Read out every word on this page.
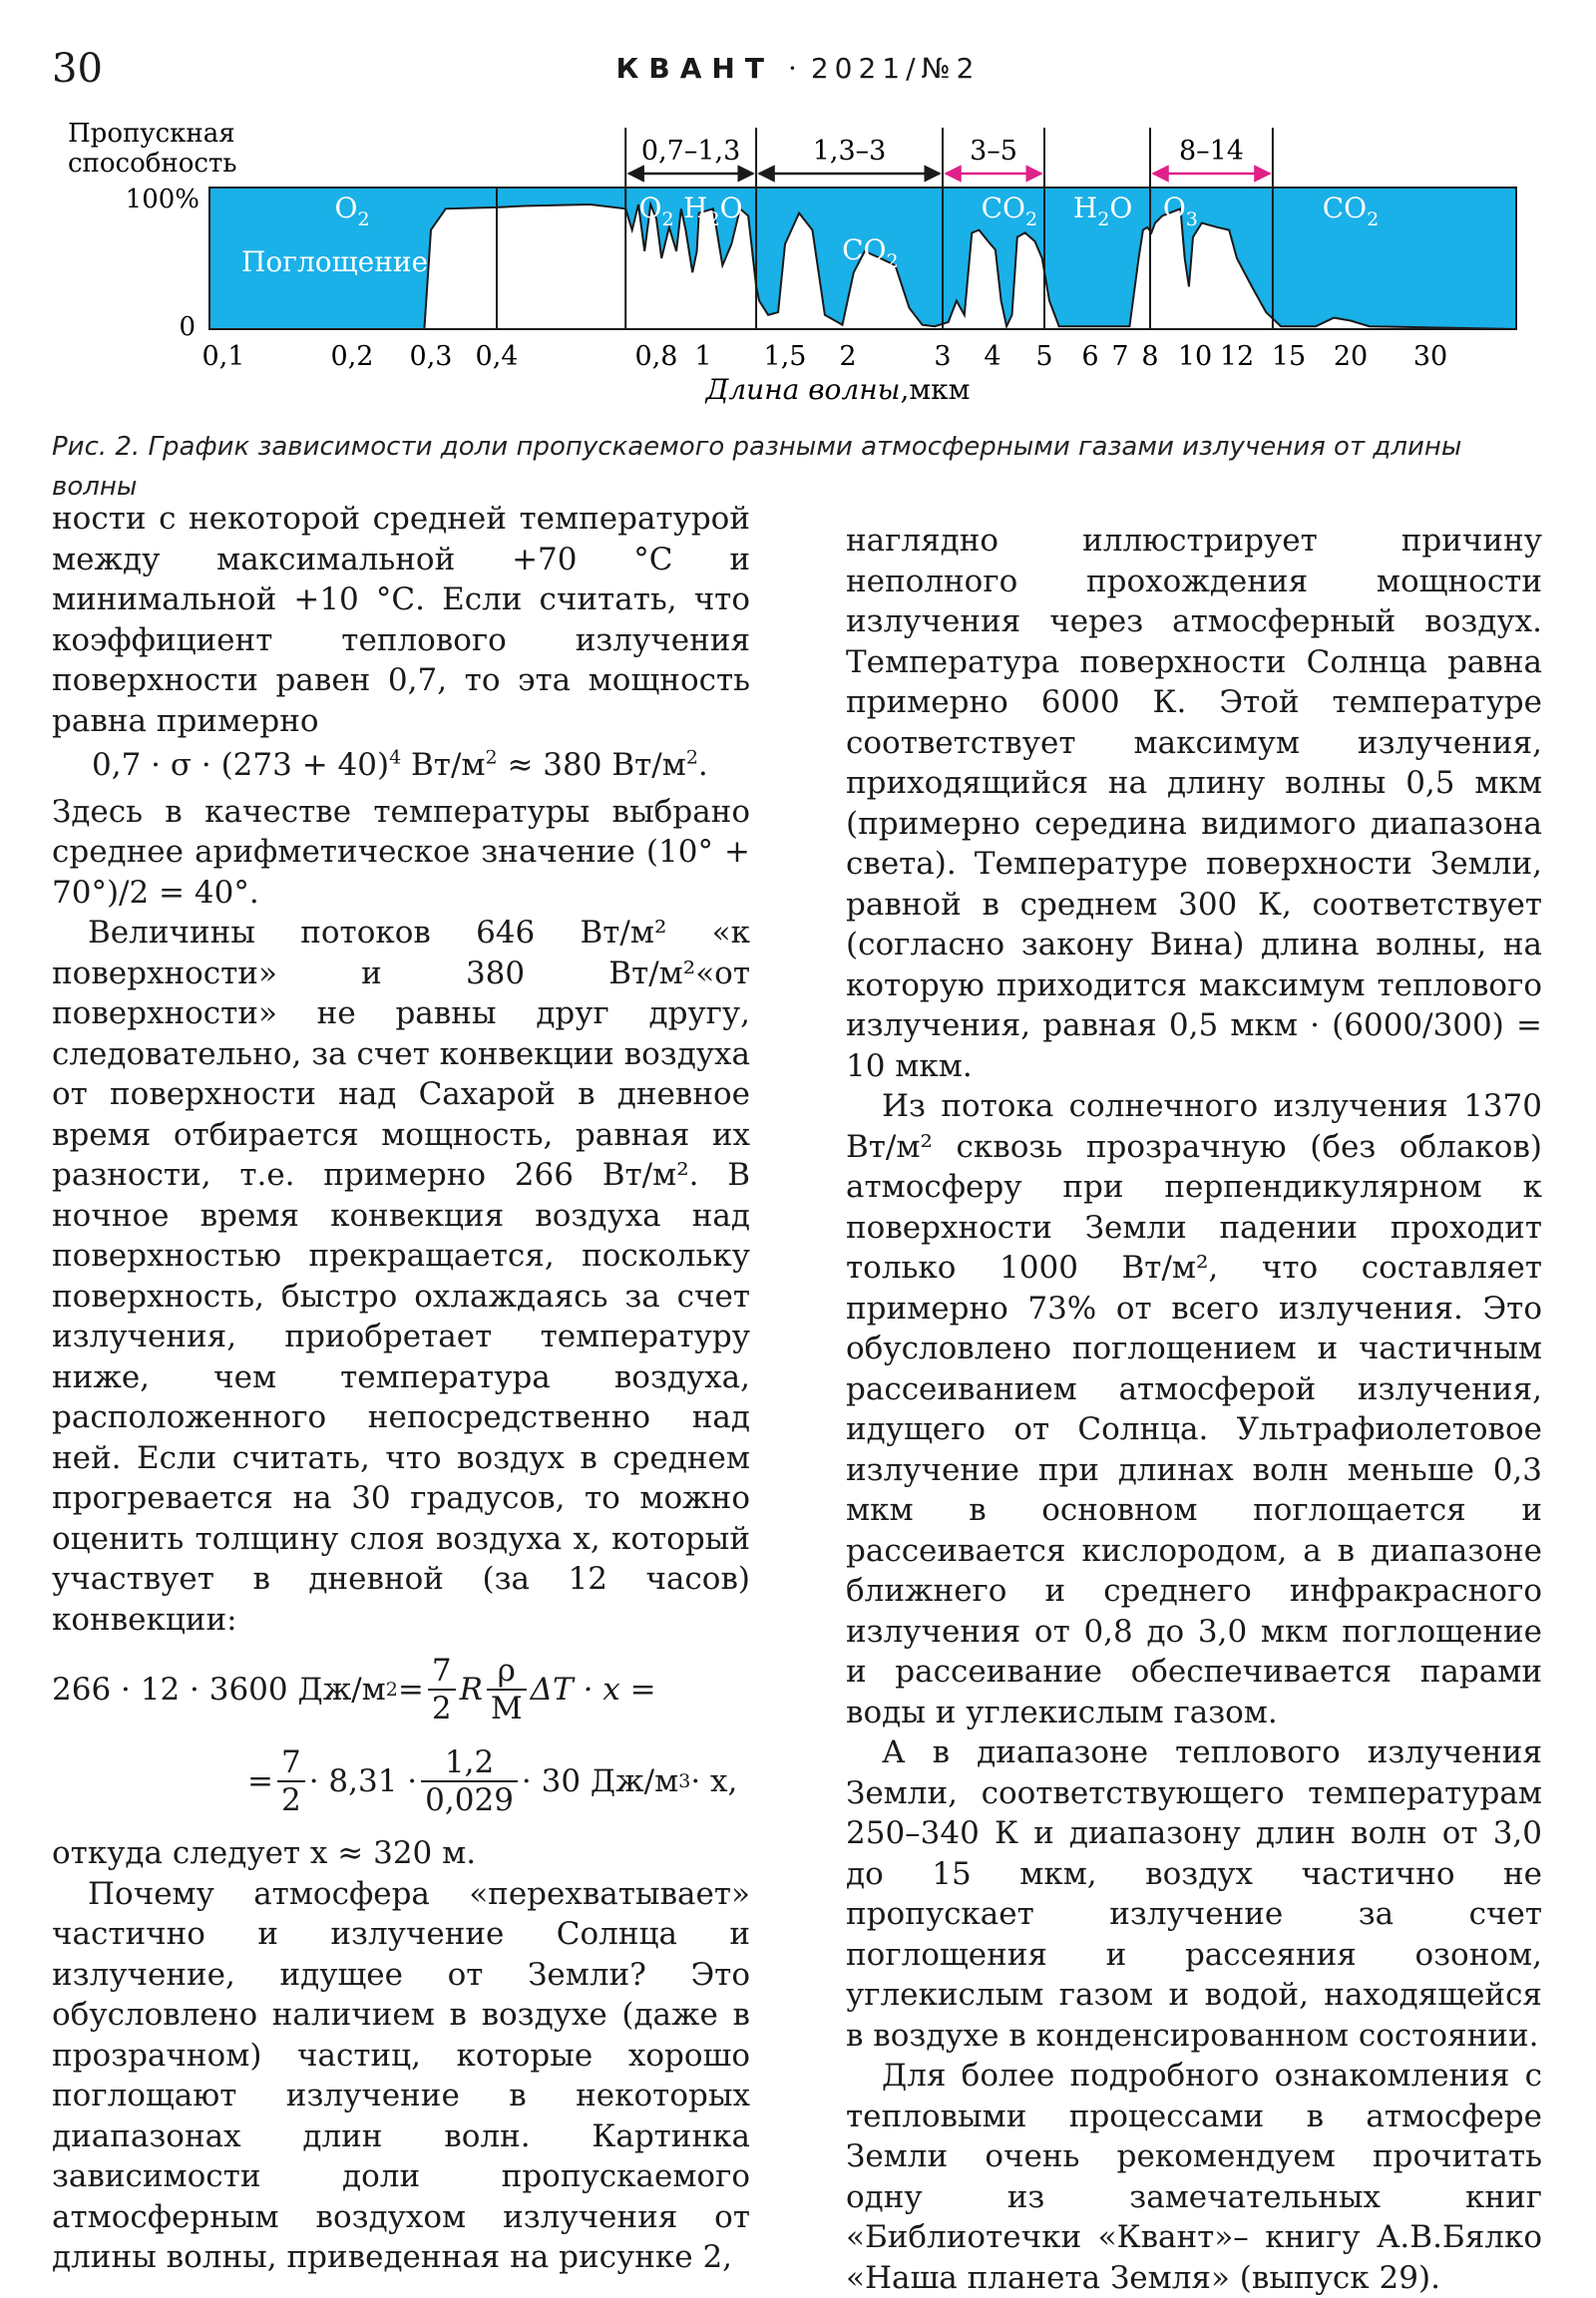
30	КВАНТ · 2021/№2
Пропускная
способность
100%
0
0,7–1,3	1,3–3	3–5	8–14
$O_2$	$O_2$ $H_2O$
$CO_2$
$CO_2$ $H_2O$ $O_3$	$CO_2$
Поглощение
0,1	0,2 0,3 0,4	0,8 1 1,5 2	3 4 5 6 7 8 10 12 15 20 30
Длина волны,мкм
Рис. 2. График зависимости доли пропускаемого разными атмосферными газами излучения от длины волны

ности с некоторой средней температурой между максимальной +70 °С и минимальной +10 °С. Если считать, что коэффициент теплового излучения поверхности равен 0,7, то эта мощность равна примерно

$0,7 \cdot \sigma \cdot (273 + 40)^4$ $Вт/м^2 \approx 380$ $Вт/м^2$.

Здесь в качестве температуры выбрано среднее арифметическое значение (10° + 70°)/2 = 40°.

Величины потоков 646 Вт/м² «к поверхности» и 380 Вт/м²«от поверхности» не равны друг другу, следовательно, за счет конвекции воздуха от поверхности над Сахарой в дневное время отбирается мощность, равная их разности, т.е. примерно 266 Вт/м². В ночное время конвекция воздуха над поверхностью прекращается, поскольку поверхность, быстро охлаждаясь за счет излучения, приобретает температуру ниже, чем температура воздуха, расположенного непосредственно над ней. Если считать, что воздух в среднем прогревается на 30 градусов, то можно оценить толщину слоя воздуха x, который участвует в дневной (за 12 часов) конвекции:

266 · 12 · 3600 Дж/м $2 = \frac{7}{2}$ R $\frac{\rho}{M}$ ΔT · x =
= $\frac{7}{2} \cdot 8,31 \cdot \frac{1,2}{0,029} \cdot 30$ Дж/м 3 · x,

откуда следует x ≈ 320 м.

Почему атмосфера «перехватывает» частично и излучение Солнца и излучение, идущее от Земли? Это обусловлено наличием в воздухе (даже в прозрачном) частиц, которые хорошо поглощают излучение в некоторых диапазонах длин волн. Картинка зависимости доли пропускаемого атмосферным воздухом излучения от длины волны, приведенная на рисунке 2,

наглядно иллюстрирует причину неполного прохождения мощности излучения через атмосферный воздух. Температура поверхности Солнца равна примерно 6000 К. Этой температуре соответствует максимум излучения, приходящийся на длину волны 0,5 мкм (примерно середина видимого диапазона света). Температуре поверхности Земли, равной в среднем 300 К, соответствует (согласно закону Вина) длина волны, на которую приходится максимум теплового излучения, равная 0,5 мкм · (6000/300) = 10 мкм.

Из потока солнечного излучения 1370 Вт/м² сквозь прозрачную (без облаков) атмосферу при перпендикулярном к поверхности Земли падении проходит только 1000 Вт/м², что составляет примерно 73% от всего излучения. Это обусловлено поглощением и частичным рассеиванием атмосферой излучения, идущего от Солнца. Ультрафиолетовое излучение при длинах волн меньше 0,3 мкм в основном поглощается и рассеивается кислородом, а в диапазоне ближнего и среднего инфракрасного излучения от 0,8 до 3,0 мкм поглощение и рассеивание обеспечивается парами воды и углекислым газом.

А в диапазоне теплового излучения Земли, соответствующего температурам 250–340 К и диапазону длин волн от 3,0 до 15 мкм, воздух частично не пропускает излучение за счет поглощения и рассеяния озоном, углекислым газом и водой, находящейся в воздухе в конденсированном состоянии.

Для более подробного ознакомления с тепловыми процессами в атмосфере Земли очень рекомендуем прочитать одну из замечательных книг «Библиотечки «Квант»– книгу А.В.Бялко «Наша планета Земля» (выпуск 29).
